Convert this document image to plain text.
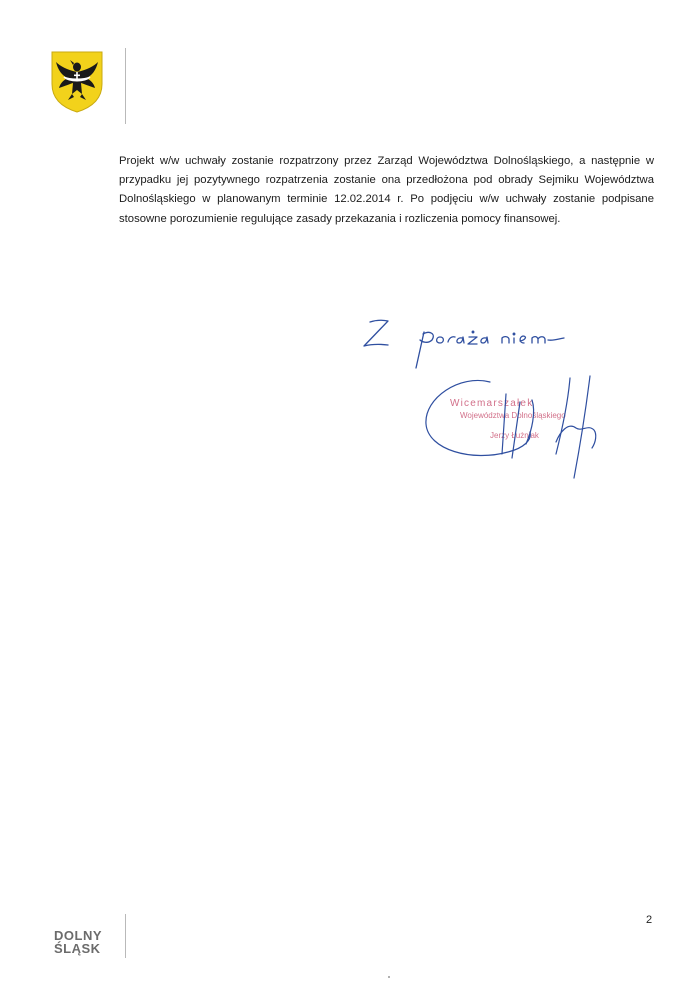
Projekt w/w uchwały zostanie rozpatrzony przez Zarząd Województwa Dolnośląskiego, a następnie w przypadku jej pozytywnego rozpatrzenia zostanie ona przedłożona pod obrady Sejmiku Województwa Dolnośląskiego w planowanym terminie 12.02.2014 r. Po podjęciu w/w uchwały zostanie podpisane stosowne porozumienie regulujące zasady przekazania i rozliczenia pomocy finansowej.

Wicemarszałek
Województwa Dolnośląskiego
Jerzy Łużniak
DOLNY
ŚLĄSK
2
